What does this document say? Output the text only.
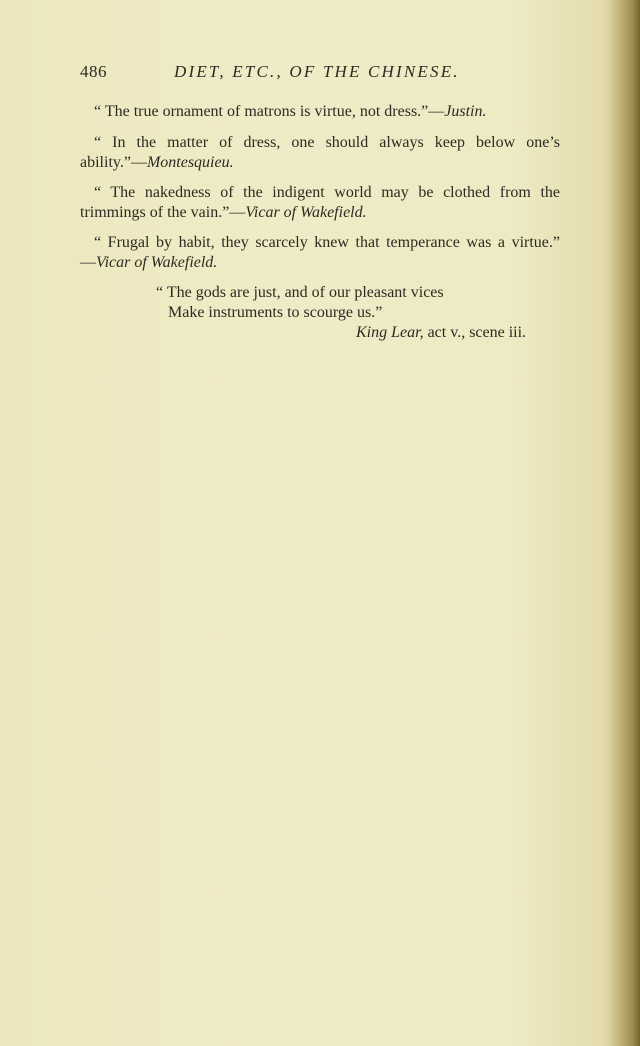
486	DIET, ETC., OF THE CHINESE.
“ The true ornament of matrons is virtue, not dress.”—Justin.
“ In the matter of dress, one should always keep below one’s
ability.”—Montesquieu.
“ The nakedness of the indigent world may be clothed from the
trimmings of the vain.”—Vicar of Wakefield.
“ Frugal by habit, they scarcely knew that temperance was a virtue.”
—Vicar of Wakefield.
“ The gods are just, and of our pleasant vices
Make instruments to scourge us.”
King Lear, act v., scene iii.
